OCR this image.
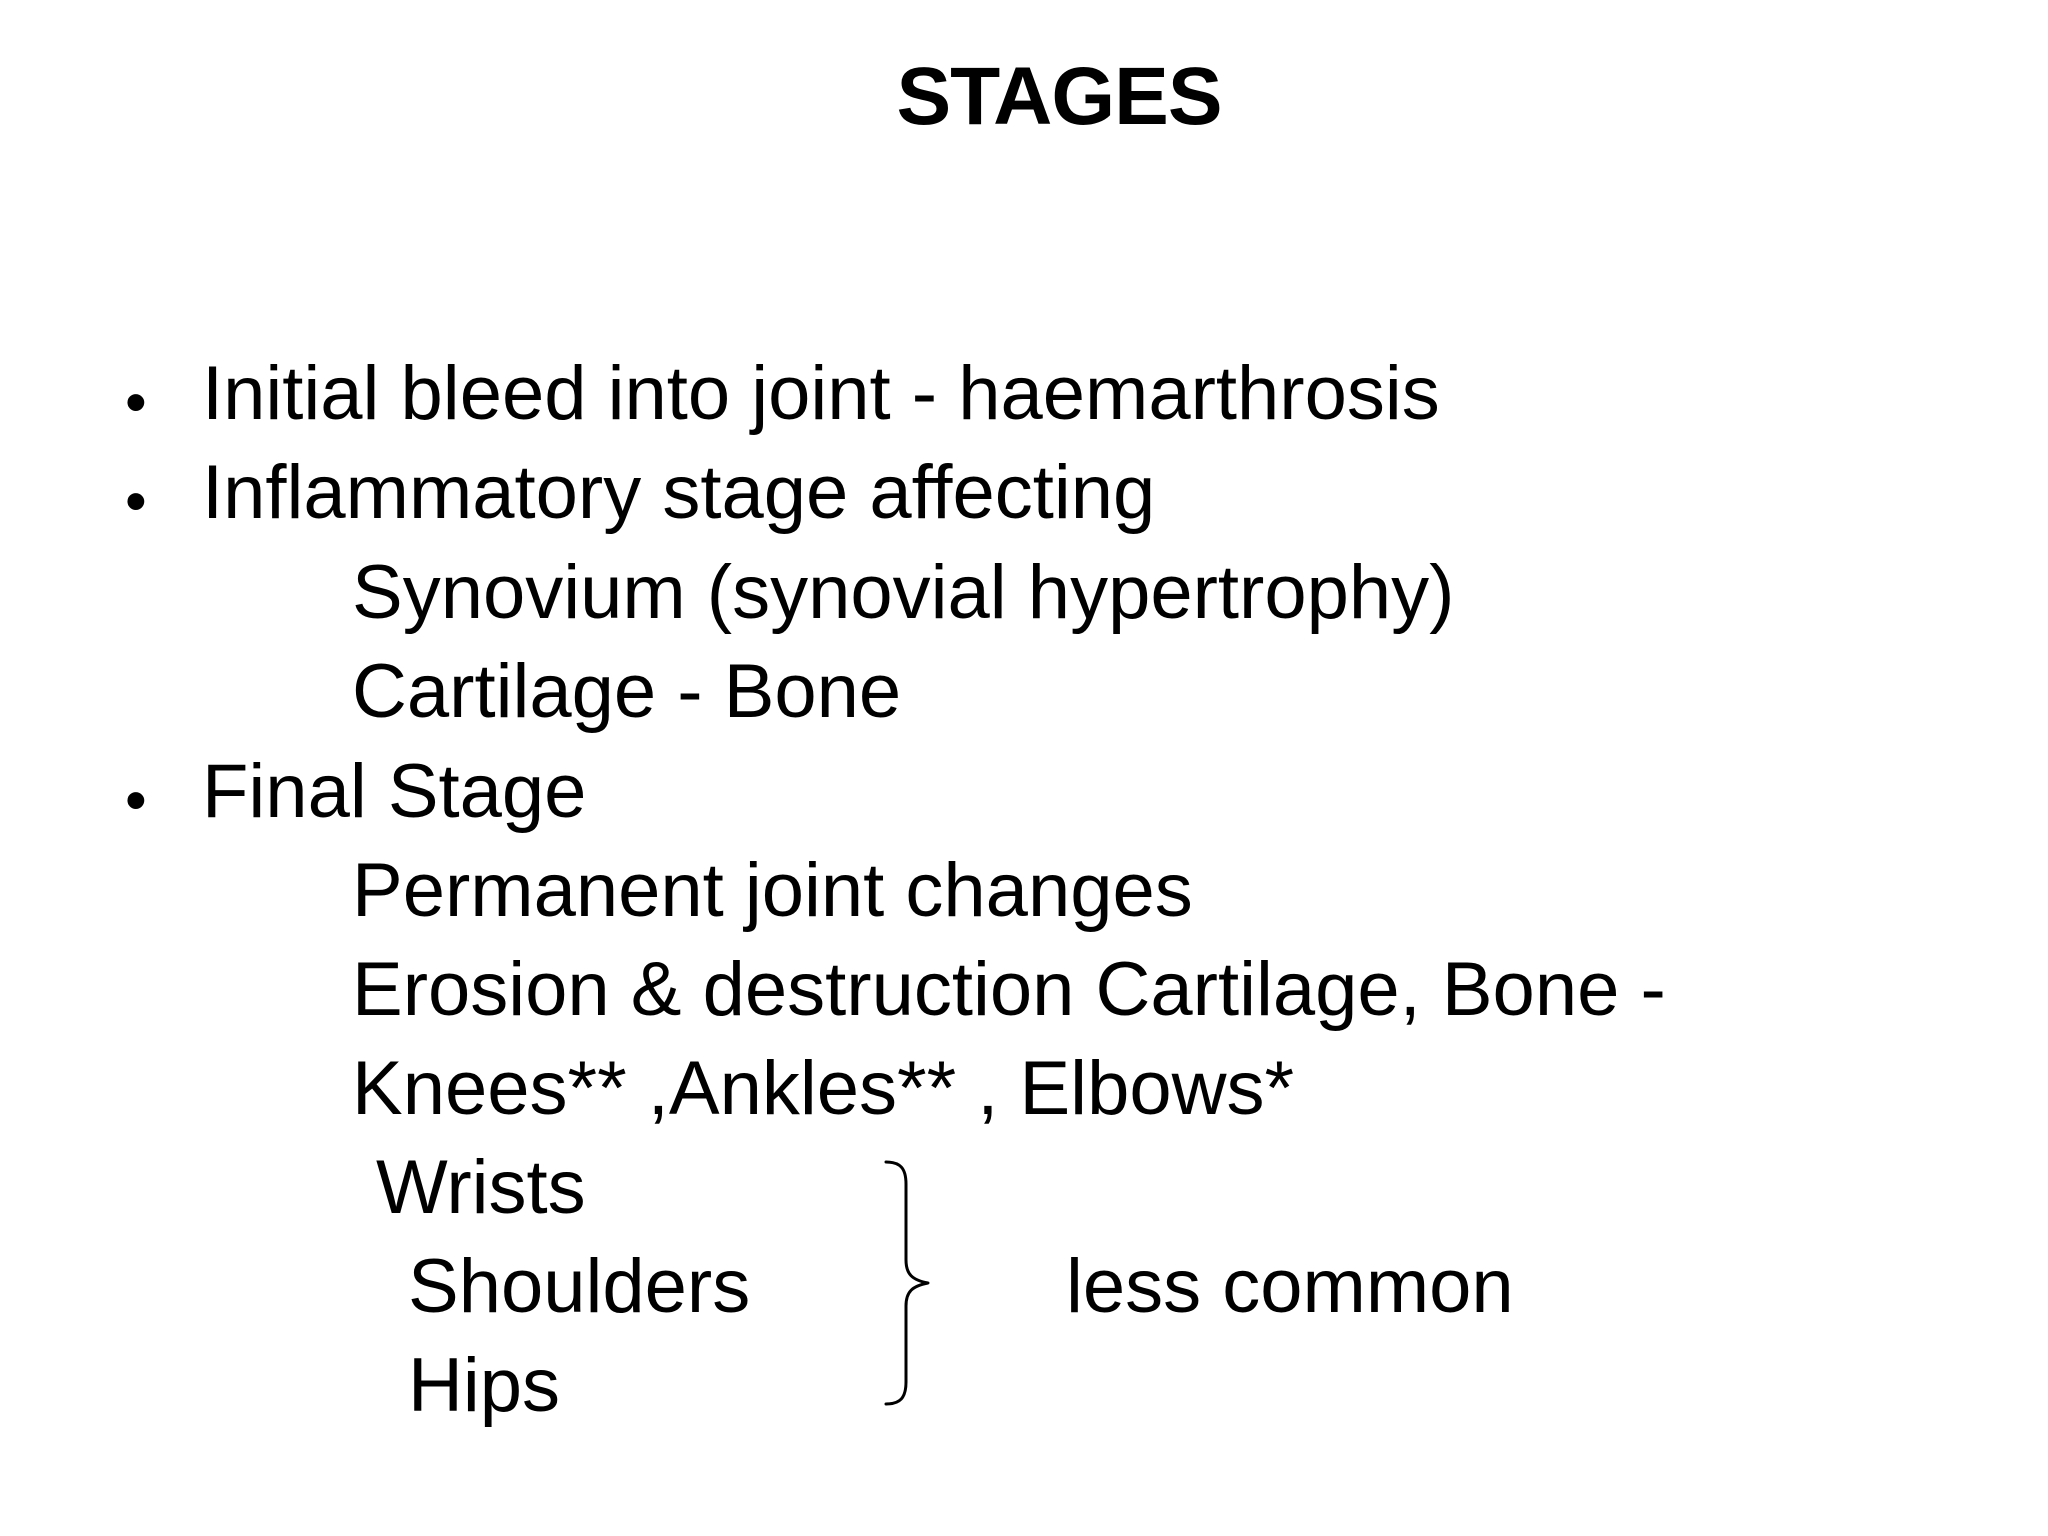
STAGES
• Initial bleed into joint - haemarthrosis

• Inflammatory stage affecting

Synovium (synovial hypertrophy)

Cartilage - Bone

• Final Stage

Permanent joint changes

Erosion & destruction Cartilage, Bone -

Knees** ,Ankles** , Elbows*

Wrists

Shoulders

Hips

less common
